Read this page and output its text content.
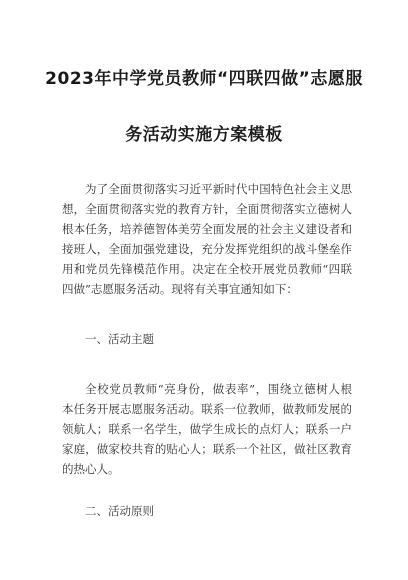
2023年中学党员教师“四联四做”志愿服
务活动实施方案模板
为了全面贯彻落实习近平新时代中国特色社会主义思
想，全面贯彻落实党的教育方针，全面贯彻落实立德树人
根本任务，培养德智体美劳全面发展的社会主义建设者和
接班人，全面加强党建设，充分发挥党组织的战斗堡垒作
用和党员先锋模范作用。决定在全校开展党员教师“四联
四做”志愿服务活动。现将有关事宜通知如下：
一、活动主题
全校党员教师“亮身份，做表率”，围绕立德树人根
本任务开展志愿服务活动。联系一位教师，做教师发展的
领航人；联系一名学生，做学生成长的点灯人；联系一户
家庭，做家校共育的贴心人；联系一个社区，做社区教育
的热心人。
二、活动原则
